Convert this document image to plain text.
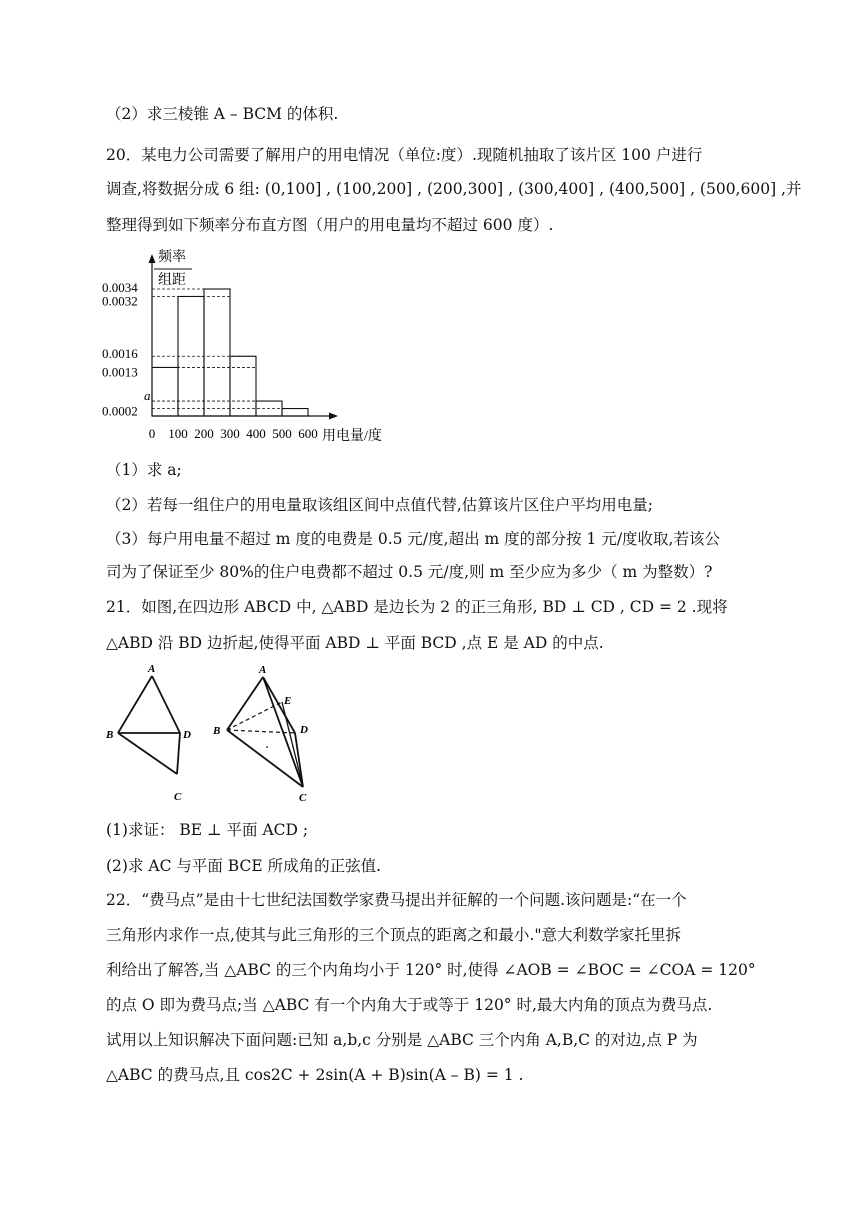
（2）求三棱锥 A – BCM 的体积.
20．某电力公司需要了解用户的用电情况（单位:度）.现随机抽取了该片区 100 户进行
调查,将数据分成 6 组: (0,100] , (100,200] , (200,300] , (300,400] , (400,500] , (500,600] ,并
整理得到如下频率分布直方图（用户的用电量均不超过 600 度）.
频率
组距
0.0002
a
0.0013
0.0016
0.0032
0.0034
0 100 200 300 400 500 600 用电量/度
（1）求 a;
（2）若每一组住户的用电量取该组区间中点值代替,估算该片区住户平均用电量;
（3）每户用电量不超过 m 度的电费是 0.5 元/度,超出 m 度的部分按 1 元/度收取,若该公
司为了保证至少 80%的住户电费都不超过 0.5 元/度,则 m 至少应为多少（ m 为整数）?
21．如图,在四边形 ABCD 中, △ABD 是边长为 2 的正三角形, BD ⊥ CD , CD = 2 .现将
△ABD 沿 BD 边折起,使得平面 ABD ⊥ 平面 BCD ,点 E 是 AD 的中点.
A
B	D
C
A
E
B	D
C
(1)求证： BE ⊥ 平面 ACD ;
(2)求 AC 与平面 BCE 所成角的正弦值.
22．“费马点”是由十七世纪法国数学家费马提出并征解的一个问题.该问题是:“在一个
三角形内求作一点,使其与此三角形的三个顶点的距离之和最小."意大利数学家托里拆
利给出了解答,当 △ABC 的三个内角均小于 120° 时,使得 ∠AOB = ∠BOC = ∠COA = 120°
的点 O 即为费马点;当 △ABC 有一个内角大于或等于 120° 时,最大内角的顶点为费马点.
试用以上知识解决下面问题:已知 a,b,c 分别是 △ABC 三个内角 A,B,C 的对边,点 P 为
△ABC 的费马点,且 cos2C + 2sin(A + B)sin(A – B) = 1 .
